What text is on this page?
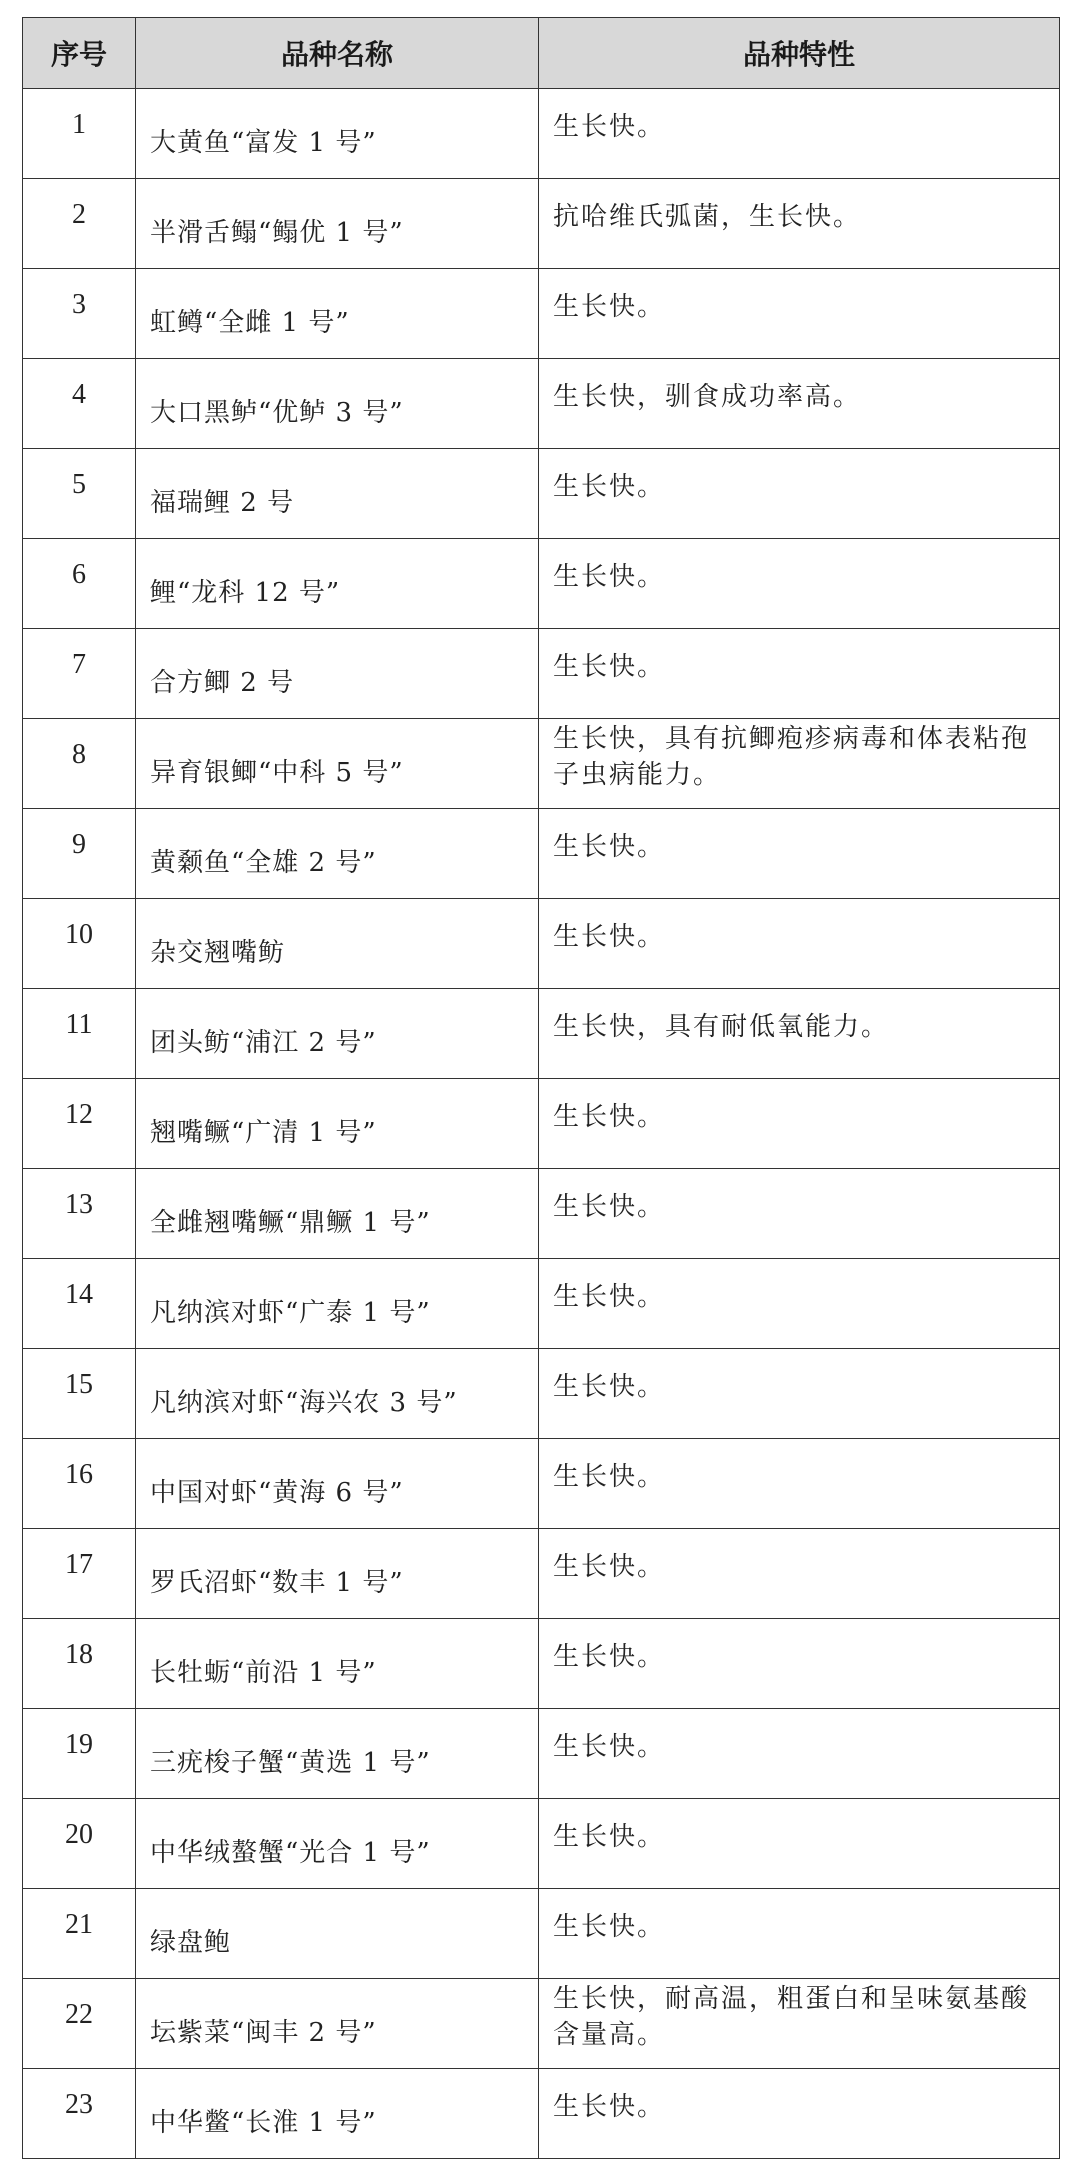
序号	品种名称	品种特性
1	大黄鱼“富发 1 号”	生长快。
2	半滑舌鳎“鳎优 1 号”	抗哈维氏弧菌，生长快。
3	虹鳟“全雌 1 号”	生长快。
4	大口黑鲈“优鲈 3 号”	生长快，驯食成功率高。
5	福瑞鲤 2 号	生长快。
6	鲤“龙科 12 号”	生长快。
7	合方鲫 2 号	生长快。
8	异育银鲫“中科 5 号”	生长快，具有抗鲫疱疹病毒和体表粘孢子虫病能力。
9	黄颡鱼“全雄 2 号”	生长快。
10	杂交翘嘴鲂	生长快。
11	团头鲂“浦江 2 号”	生长快，具有耐低氧能力。
12	翘嘴鳜“广清 1 号”	生长快。
13	全雌翘嘴鳜“鼎鳜 1 号”	生长快。
14	凡纳滨对虾“广泰 1 号”	生长快。
15	凡纳滨对虾“海兴农 3 号”	生长快。
16	中国对虾“黄海 6 号”	生长快。
17	罗氏沼虾“数丰 1 号”	生长快。
18	长牡蛎“前沿 1 号”	生长快。
19	三疣梭子蟹“黄选 1 号”	生长快。
20	中华绒螯蟹“光合 1 号”	生长快。
21	绿盘鲍	生长快。
22	坛紫菜“闽丰 2 号”	生长快，耐高温，粗蛋白和呈味氨基酸含量高。
23	中华鳖“长淮 1 号”	生长快。
